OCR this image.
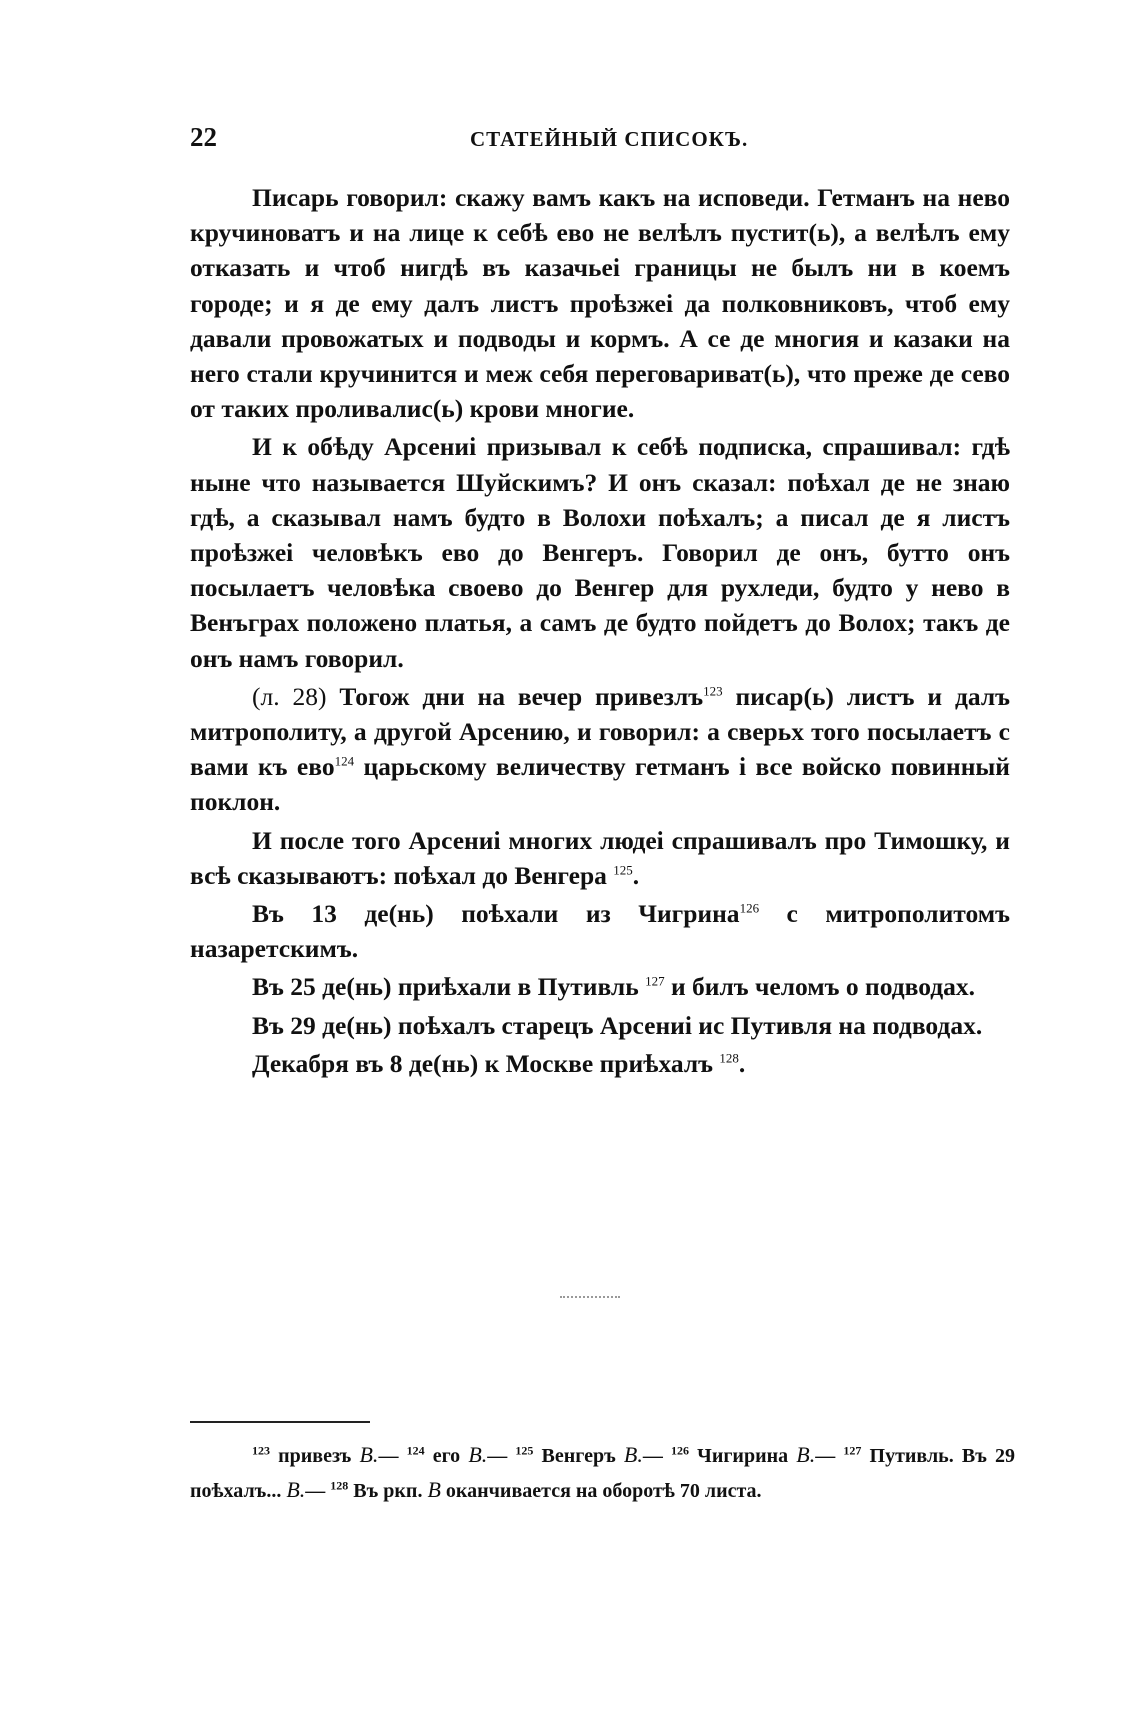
22	СТАТЕЙНЫЙ СПИСОКЪ.

Писарь говорил: скажу вамъ какъ на исповеди. Гетманъ на нево кручиноватъ и на лице к себѣ ево не велѣлъ пустит(ь), а велѣлъ ему отказать и чтоб нигдѣ въ казачьеі границы не былъ ни в коемъ городе; и я де ему далъ листъ проѣзжеі да полковниковъ, чтоб ему давали провожатых и подводы и кормъ. А се де многия и казаки на него стали кручинится и меж себя переговариват(ь), что преже де сево от таких проливалис(ь) крови многие.

И к обѣду Арсениі призывал к себѣ подписка, спрашивал: гдѣ ныне что называется Шуйскимъ? И онъ сказал: поѣхал де не знаю гдѣ, а сказывал намъ будто в Волохи поѣхалъ; а писал де я листъ проѣзжеі человѣкъ ево до Венгеръ. Говорил де онъ, бутто онъ посылаетъ человѣка своево до Венгер для рухледи, будто у нево в Венъграх положено платья, а самъ де будто пойдетъ до Волох; такъ де онъ намъ говорил.

(л. 28) Тогож дни на вечер привезлъ$^{123}$ писар(ь) листъ и далъ митрополиту, а другой Арсению, и говорил: а сверьх того посылаетъ с вами къ ево$^{124}$ царьскому величеству гетманъ і все войско повинный поклон.

И после того Арсениі многих людеі спрашивалъ про Тимошку, и всѣ сказываютъ: поѣхал до Венгера $^{125}$.

Въ 13 де(нь) поѣхали из Чигрина$^{126}$ с митрополитомъ назаретскимъ.

Въ 25 де(нь) приѣхали в Путивль $^{127}$ и билъ челомъ о подводах.

Въ 29 де(нь) поѣхалъ старецъ Арсениі ис Путивля на подводах.

Декабря въ 8 де(нь) к Москве приѣхалъ $^{128}$.

$^{123}$ привезъ В.— $^{124}$ его В.— $^{125}$ Венгеръ В.— $^{126}$ Чигирина В.— $^{127}$ Путивль. Въ 29 поѣхалъ... В.— $^{128}$ Въ ркп. В оканчивается на оборотѣ 70 листа.
